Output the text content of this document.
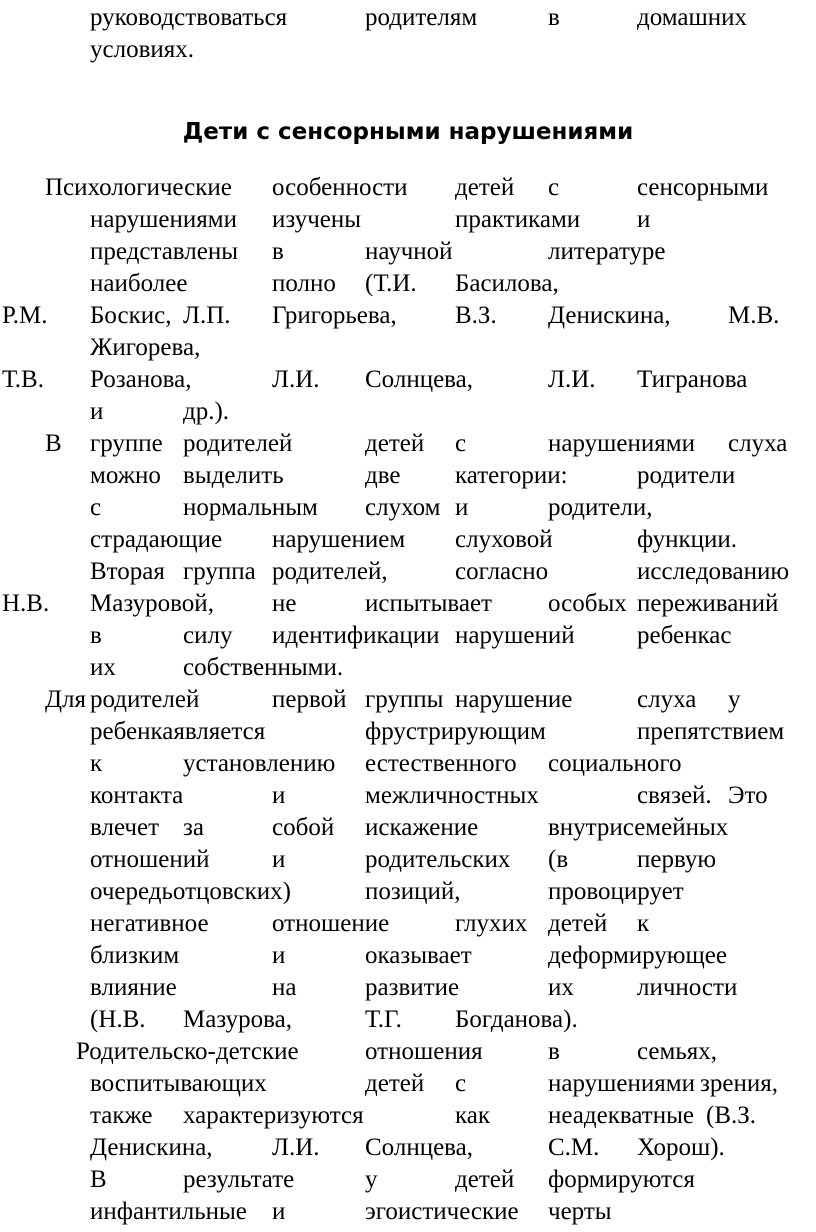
Дети с сенсорными нарушениями
руководствоваться	родителям	в	домашних
условиях.
Психологические особенности детей с	сенсорными
нарушениями изучены	практиками и
представлены в	научной	литературе
наиболее	полно (Т.И. Басилова,
Р.М. Боскис, Л.П. Григорьева, В.З. Денискина, М.В.
Жигорева,
Т.В. Розанова,	Л.И. Солнцева,	Л.И. Тигранова
и	др.).
В группе родителей	детей с	нарушениями слуха
можно выделить	две категории:	родители
с	нормальным слухом и	родители,
страдающие нарушением слуховой	функции.
Вторая группа родителей,	согласно	исследованию
Н.В. Мазуровой, не	испытывает особых переживаний
в	силу идентификации нарушений ребенкас
их	собственными.
Для родителей	первой группы нарушение	слуха у
ребенкаявляется	фрустрирующим	препятствием
к	установлению естественного социального
контакта	и	межличностных	связей. Это
влечет за	собой искажение	внутрисемейных
отношений	и	родительских (в	первую
очередьотцовских)	позиций,	провоцирует
негативное	отношение	глухих детей к
близким	и	оказывает	деформирующее
влияние	на	развитие	их	личности
(Н.В. Мазурова,	Т.Г. Богданова).
Родительско-детские	отношения	в	семьях,
воспитывающих	детей с	нарушениями зрения,
также характеризуются	как неадекватные (В.З.
Денискина, Л.И. Солнцева,	С.М. Хорош).
В	результате	у	детей формируются
инфантильные и	эгоистические черты
